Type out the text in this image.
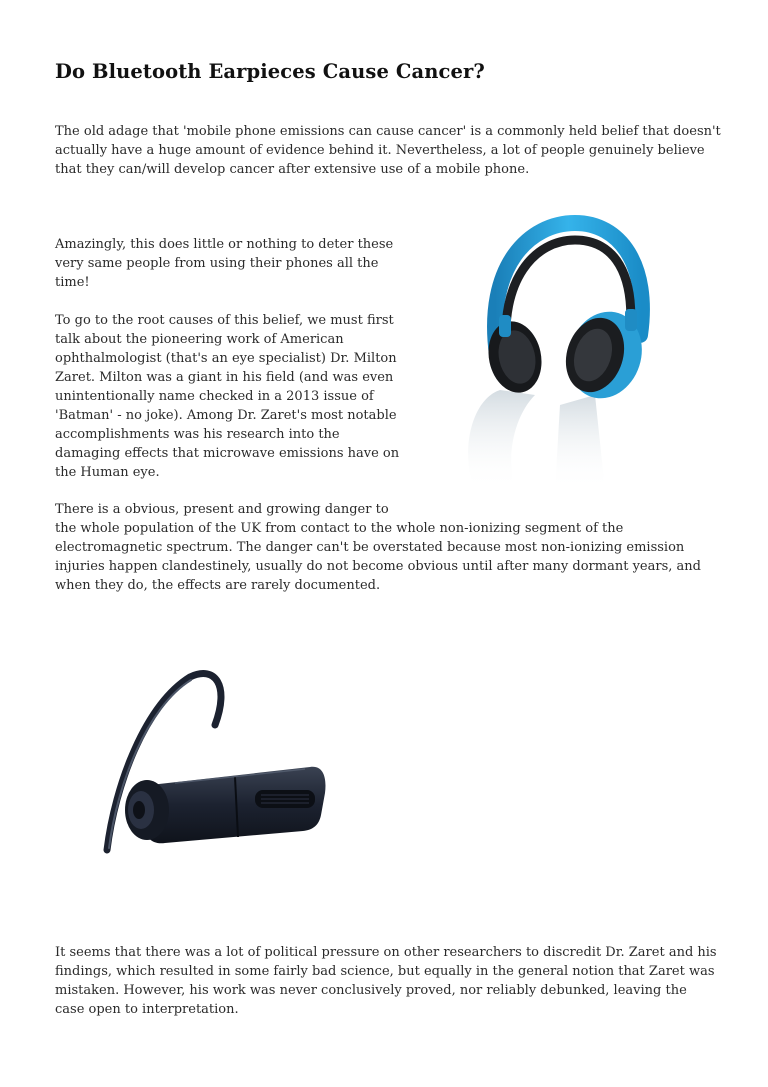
Do Bluetooth Earpieces Cause Cancer?

The old adage that 'mobile phone emissions can cause cancer' is a commonly held belief that doesn't actually have a huge amount of evidence behind it. Nevertheless, a lot of people genuinely believe that they can/will develop cancer after extensive use of a mobile phone.

Amazingly, this does little or nothing to deter these very same people from using their phones all the time!

To go to the root causes of this belief, we must first talk about the pioneering work of American ophthalmologist (that's an eye specialist) Dr. Milton Zaret. Milton was a giant in his field (and was even unintentionally name checked in a 2013 issue of 'Batman' - no joke). Among Dr. Zaret's most notable accomplishments was his research into the damaging effects that microwave emissions have on the Human eye.

There is a obvious, present and growing danger to

the whole population of the UK from contact to the whole non-ionizing segment of the electromagnetic spectrum. The danger can't be overstated because most non-ionizing emission injuries happen clandestinely, usually do not become obvious until after many dormant years, and when they do, the effects are rarely documented.

It seems that there was a lot of political pressure on other researchers to discredit Dr. Zaret and his findings, which resulted in some fairly bad science, but equally in the general notion that Zaret was mistaken. However, his work was never conclusively proved, nor reliably debunked, leaving the case open to interpretation.
